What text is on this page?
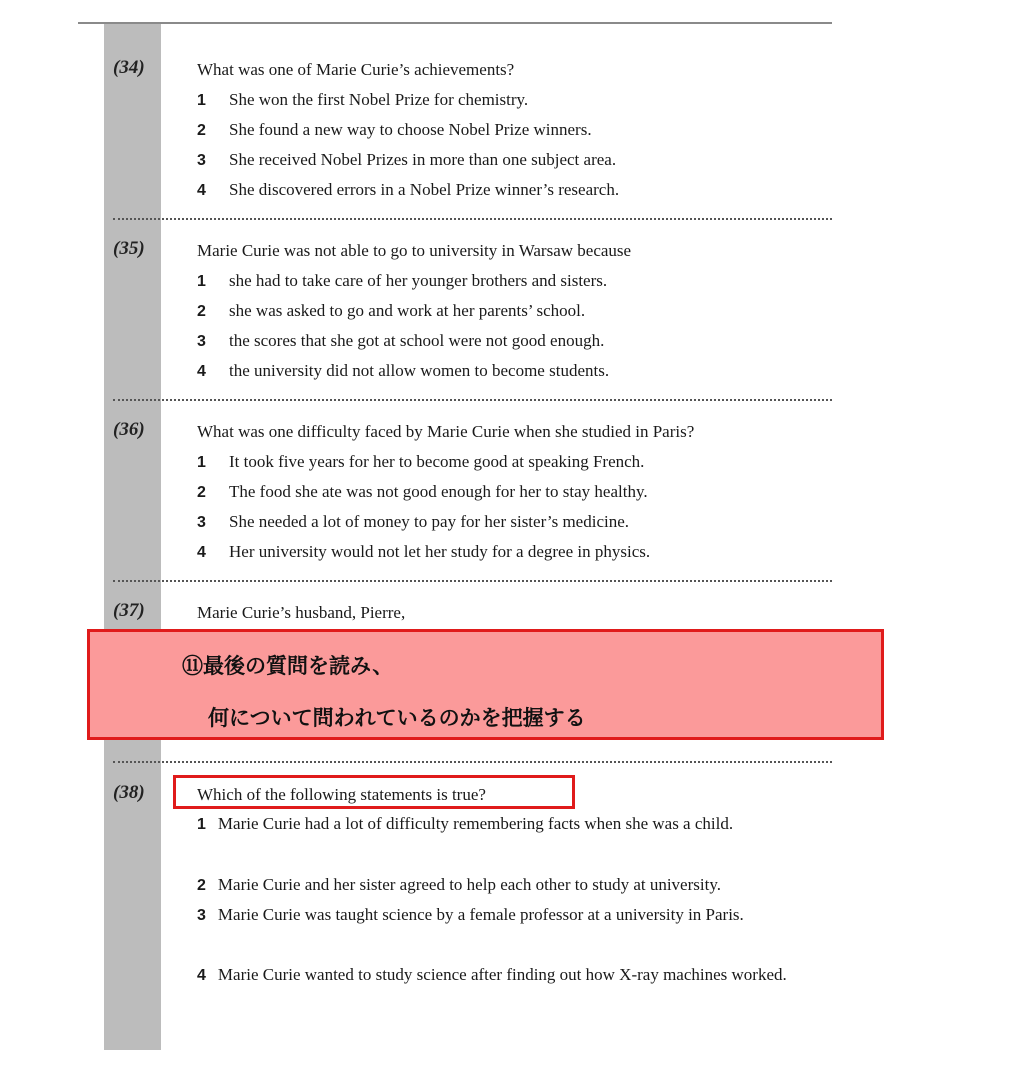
(34)	What was one of Marie Curie’s achievements?
1 She won the first Nobel Prize for chemistry.
2 She found a new way to choose Nobel Prize winners.
3 She received Nobel Prizes in more than one subject area.
4 She discovered errors in a Nobel Prize winner’s research.
(35)	Marie Curie was not able to go to university in Warsaw because
1 she had to take care of her younger brothers and sisters.
2 she was asked to go and work at her parents’ school.
3 the scores that she got at school were not good enough.
4 the university did not allow women to become students.
(36)	What was one difficulty faced by Marie Curie when she studied in Paris?
1 It took five years for her to become good at speaking French.
2 The food she ate was not good enough for her to stay healthy.
3 She needed a lot of money to pay for her sister’s medicine.
4 Her university would not let her study for a degree in physics.
(37)	Marie Curie’s husband, Pierre,
⑪最後の質問を読み、
何について問われているのかを把握する
(38)	Which of the following statements is true?
1 Marie Curie had a lot of difficulty remembering facts when she was a child.
2 Marie Curie and her sister agreed to help each other to study at university.
3 Marie Curie was taught science by a female professor at a university in Paris.
4 Marie Curie wanted to study science after finding out how X-ray machines worked.
